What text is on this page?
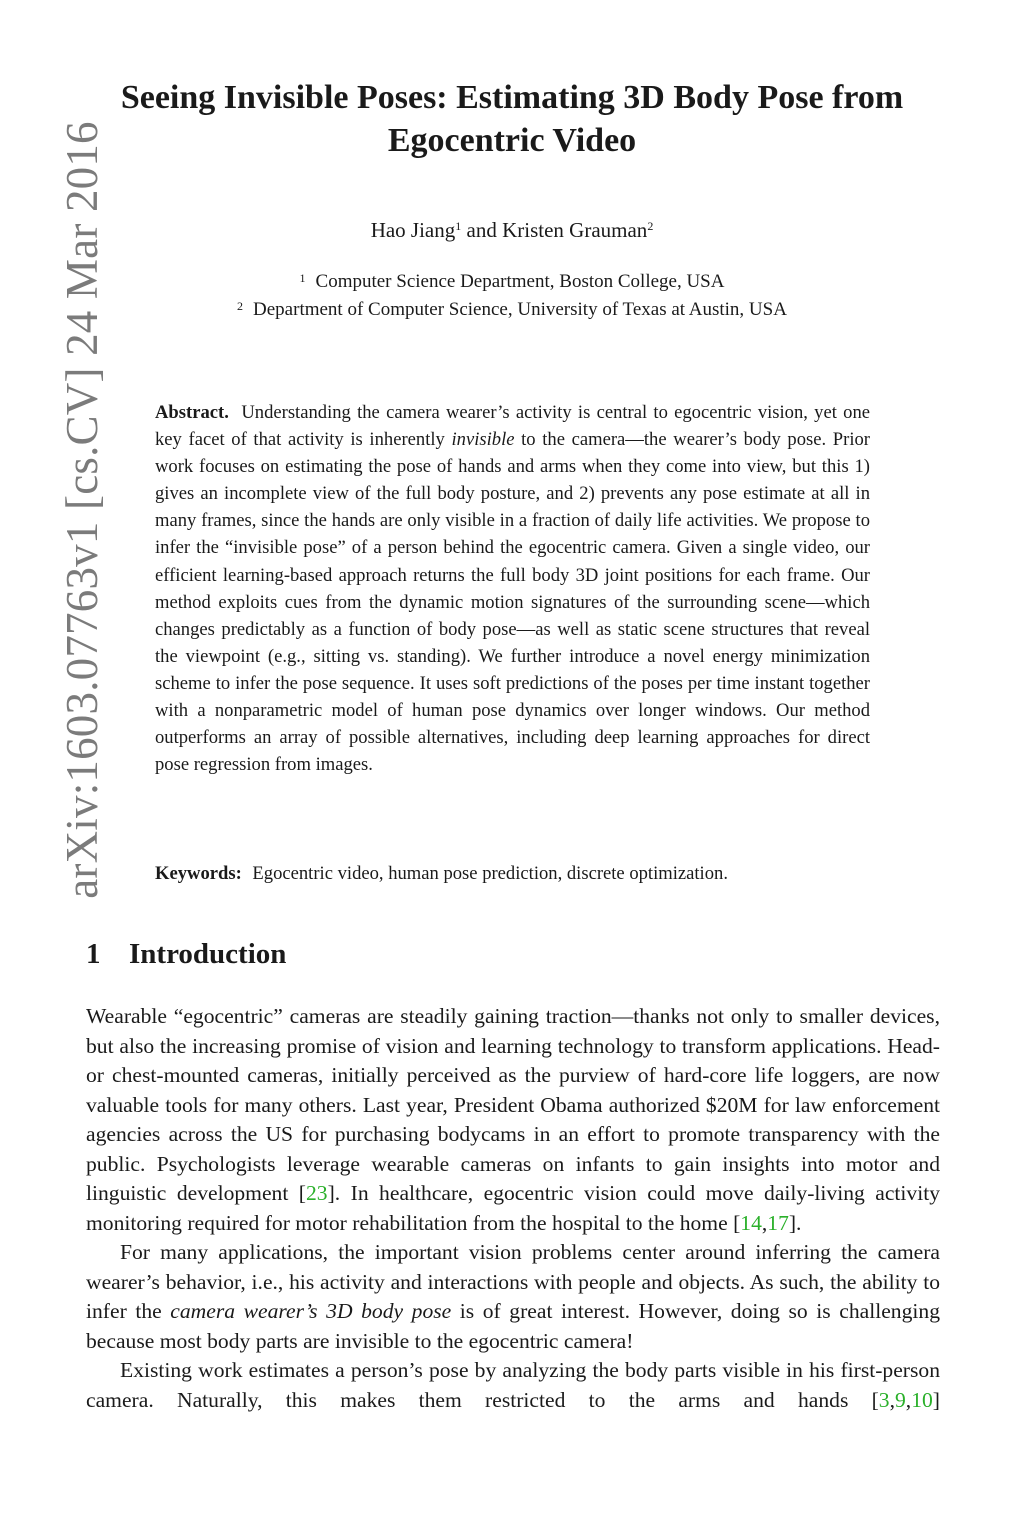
arXiv:1603.07763v1 [cs.CV] 24 Mar 2016
Seeing Invisible Poses: Estimating 3D Body Pose from
Egocentric Video
Hao Jiang$^1$ and Kristen Grauman$^2$
$^1$ Computer Science Department, Boston College, USA
$^2$ Department of Computer Science, University of Texas at Austin, USA
Abstract. Understanding the camera wearer’s activity is central to egocentric vision, yet one key facet of that activity is inherently invisible to the camera—the wearer’s body pose. Prior work focuses on estimating the pose of hands and arms when they come into view, but this 1) gives an incomplete view of the full body posture, and 2) prevents any pose estimate at all in many frames, since the hands are only visible in a fraction of daily life activities. We propose to infer the “invisible pose” of a person behind the egocentric camera. Given a single video, our efficient learning-based approach returns the full body 3D joint positions for each frame. Our method exploits cues from the dynamic motion signatures of the surrounding scene—which changes predictably as a function of body pose—as well as static scene structures that reveal the viewpoint (e.g., sitting vs. standing). We further introduce a novel energy minimization scheme to infer the pose sequence. It uses soft predictions of the poses per time instant together with a nonparametric model of human pose dynamics over longer windows. Our method outperforms an array of possible alternatives, including deep learning approaches for direct pose regression from images.
Keywords: Egocentric video, human pose prediction, discrete optimization.
1 Introduction

Wearable “egocentric” cameras are steadily gaining traction—thanks not only to smaller devices, but also the increasing promise of vision and learning technology to transform applications. Head- or chest-mounted cameras, initially perceived as the purview of hard-core life loggers, are now valuable tools for many others. Last year, President Obama authorized $20M for law enforcement agencies across the US for purchasing bodycams in an effort to promote transparency with the public. Psychologists leverage wearable cameras on infants to gain insights into motor and linguistic development [23]. In healthcare, egocentric vision could move daily-living activity monitoring required for motor rehabilitation from the hospital to the home [14,17].

For many applications, the important vision problems center around inferring the camera wearer’s behavior, i.e., his activity and interactions with people and objects. As such, the ability to infer the camera wearer’s 3D body pose is of great interest. However, doing so is challenging because most body parts are invisible to the egocentric camera!

Existing work estimates a person’s pose by analyzing the body parts visible in his first-person camera. Naturally, this makes them restricted to the arms and hands [3,9,10]
